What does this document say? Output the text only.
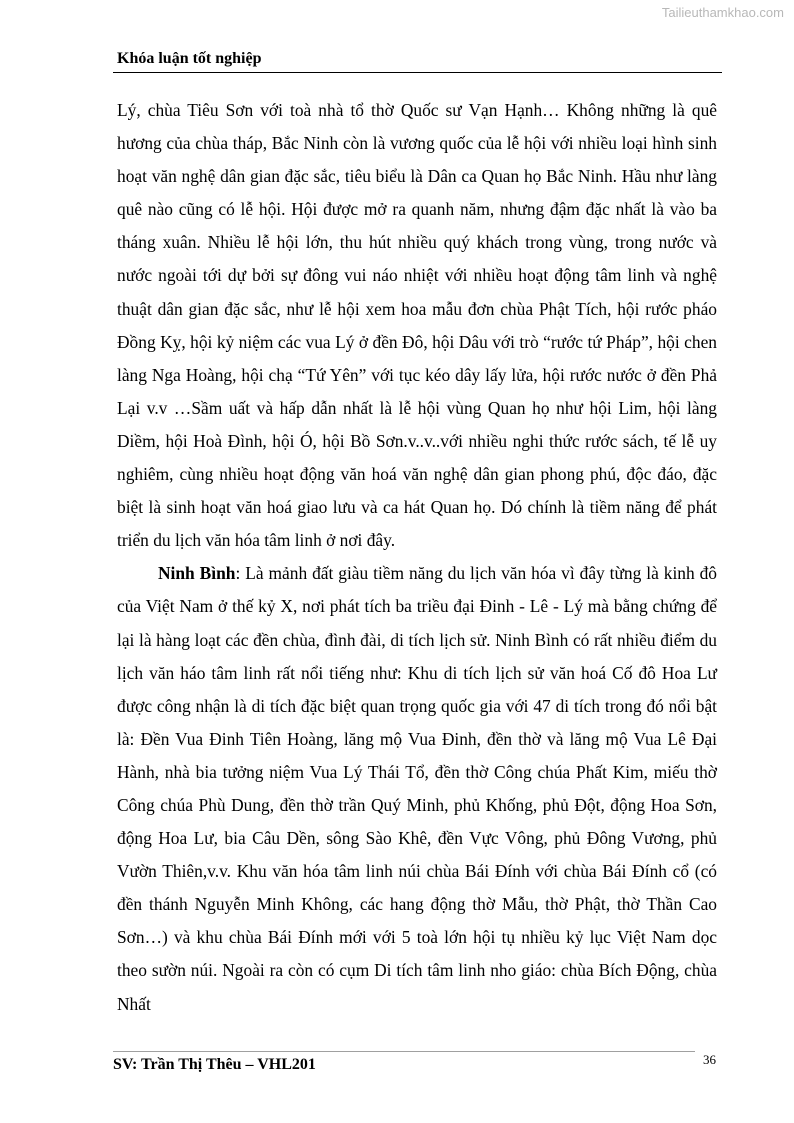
Tailieuthamkhao.com
Khóa luận tốt nghiệp

Lý, chùa Tiêu Sơn với toà nhà tổ thờ Quốc sư Vạn Hạnh… Không những là quê hương của chùa tháp, Bắc Ninh còn là vương quốc của lễ hội với nhiều loại hình sinh hoạt văn nghệ dân gian đặc sắc, tiêu biểu là Dân ca Quan họ Bắc Ninh. Hầu như làng quê nào cũng có lễ hội. Hội được mở ra quanh năm, nhưng đậm đặc nhất là vào ba tháng xuân. Nhiều lễ hội lớn, thu hút nhiều quý khách trong vùng, trong nước và nước ngoài tới dự bởi sự đông vui náo nhiệt với nhiều hoạt động tâm linh và nghệ thuật dân gian đặc sắc, như lễ hội xem hoa mẫu đơn chùa Phật Tích, hội rước pháo Đồng Kỵ, hội kỷ niệm các vua Lý ở đền Đô, hội Dâu với trò “rước tứ Pháp”, hội chen làng Nga Hoàng, hội chạ “Tứ Yên” với tục kéo dây lấy lửa, hội rước nước ở đền Phả Lại v.v …Sầm uất và hấp dẫn nhất là lễ hội vùng Quan họ như hội Lim, hội làng Diềm, hội Hoà Đình, hội Ó, hội Bồ Sơn.v..v..với nhiều nghi thức rước sách, tế lễ uy nghiêm, cùng nhiều hoạt động văn hoá văn nghệ dân gian phong phú, độc đáo, đặc biệt là sinh hoạt văn hoá giao lưu và ca hát Quan họ. Dó chính là tiềm năng để phát triển du lịch văn hóa tâm linh ở nơi đây.

Ninh Bình: Là mảnh đất giàu tiềm năng du lịch văn hóa vì đây từng là kinh đô của Việt Nam ở thế kỷ X, nơi phát tích ba triều đại Đinh - Lê - Lý mà bằng chứng để lại là hàng loạt các đền chùa, đình đài, di tích lịch sử. Ninh Bình có rất nhiều điểm du lịch văn háo tâm linh rất nổi tiếng như: Khu di tích lịch sử văn hoá Cố đô Hoa Lư được công nhận là di tích đặc biệt quan trọng quốc gia với 47 di tích trong đó nổi bật là: Đền Vua Đinh Tiên Hoàng, lăng mộ Vua Đinh, đền thờ và lăng mộ Vua Lê Đại Hành, nhà bia tưởng niệm Vua Lý Thái Tổ, đền thờ Công chúa Phất Kim, miếu thờ Công chúa Phù Dung, đền thờ trần Quý Minh, phủ Khống, phủ Đột, động Hoa Sơn, động Hoa Lư, bia Câu Dền, sông Sào Khê, đền Vực Vông, phủ Đông Vương, phủ Vườn Thiên,v.v. Khu văn hóa tâm linh núi chùa Bái Đính với chùa Bái Đính cổ (có đền thánh Nguyễn Minh Không, các hang động thờ Mẫu, thờ Phật, thờ Thần Cao Sơn…) và khu chùa Bái Đính mới với 5 toà lớn hội tụ nhiều kỷ lục Việt Nam dọc theo sườn núi. Ngoài ra còn có cụm Di tích tâm linh nho giáo: chùa Bích Động, chùa Nhất

36
SV: Trần Thị Thêu – VHL201
